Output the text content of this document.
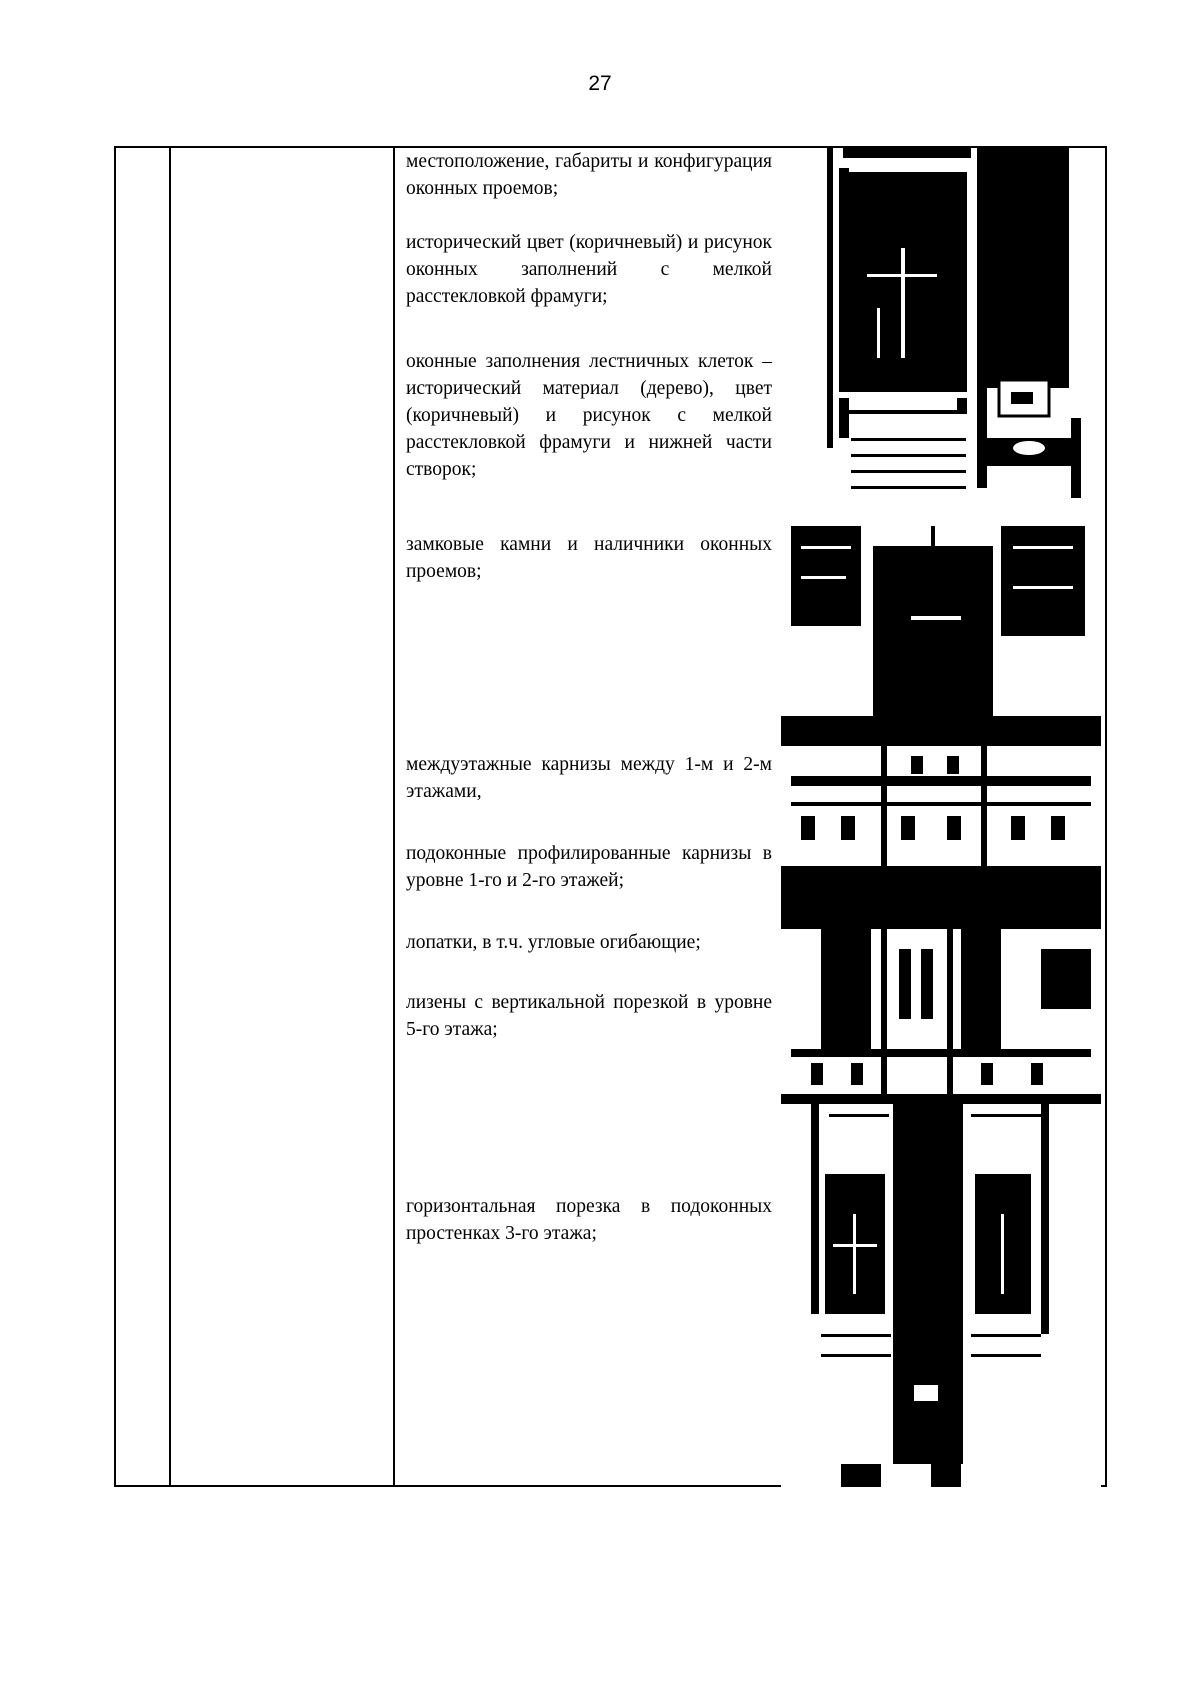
27
местоположение, габариты и конфигурация оконных проемов;
исторический цвет (коричневый) и рисунок оконных заполнений с мелкой расстекловкой фрамуги;
оконные заполнения лестничных клеток – исторический материал (дерево), цвет (коричневый) и рисунок с мелкой расстекловкой фрамуги и нижней части створок;
замковые камни и наличники оконных проемов;
междуэтажные карнизы между 1-м и 2-м этажами,
подоконные профилированные карнизы в уровне 1-го и 2-го этажей;
лопатки, в т.ч. угловые огибающие;
лизены с вертикальной порезкой в уровне 5-го этажа;
горизонтальная порезка в подоконных простенках 3-го этажа;
